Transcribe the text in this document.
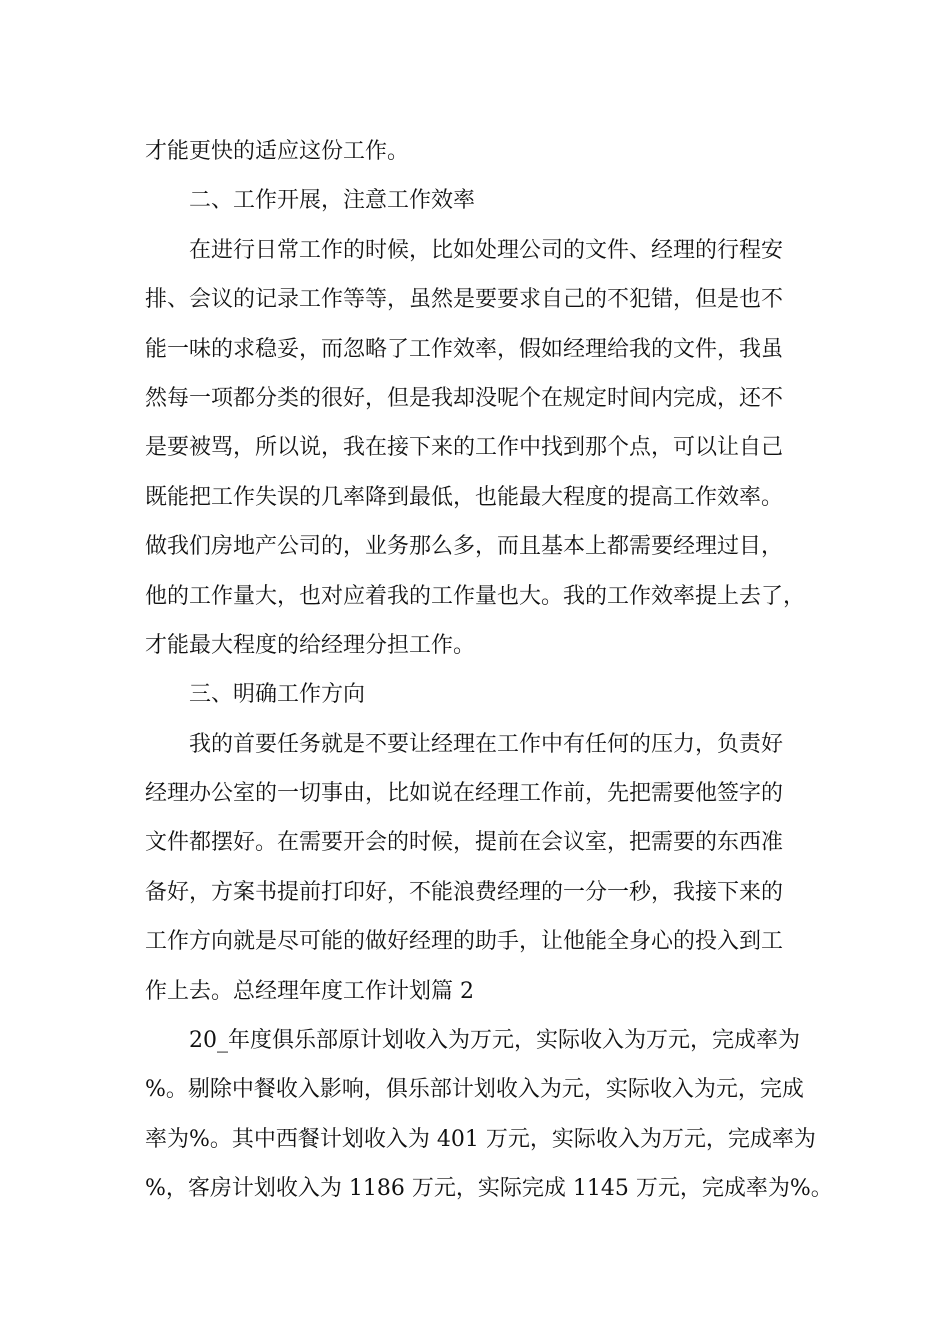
才能更快的适应这份工作。
二、工作开展，注意工作效率
在进行日常工作的时候，比如处理公司的文件、经理的行程安
排、会议的记录工作等等，虽然是要要求自己的不犯错，但是也不
能一味的求稳妥，而忽略了工作效率，假如经理给我的文件，我虽
然每一项都分类的很好，但是我却没呢个在规定时间内完成，还不
是要被骂，所以说，我在接下来的工作中找到那个点，可以让自己
既能把工作失误的几率降到最低，也能最大程度的提高工作效率。
做我们房地产公司的，业务那么多，而且基本上都需要经理过目，
他的工作量大，也对应着我的工作量也大。我的工作效率提上去了，
才能最大程度的给经理分担工作。
三、明确工作方向
我的首要任务就是不要让经理在工作中有任何的压力，负责好
经理办公室的一切事由，比如说在经理工作前，先把需要他签字的
文件都摆好。在需要开会的时候，提前在会议室，把需要的东西准
备好，方案书提前打印好，不能浪费经理的一分一秒，我接下来的
工作方向就是尽可能的做好经理的助手，让他能全身心的投入到工
作上去。总经理年度工作计划篇 2
20_年度俱乐部原计划收入为万元，实际收入为万元，完成率为
%。剔除中餐收入影响，俱乐部计划收入为元，实际收入为元，完成
率为%。其中西餐计划收入为 401 万元，实际收入为万元，完成率为
%，客房计划收入为 1186 万元，实际完成 1145 万元，完成率为%。
